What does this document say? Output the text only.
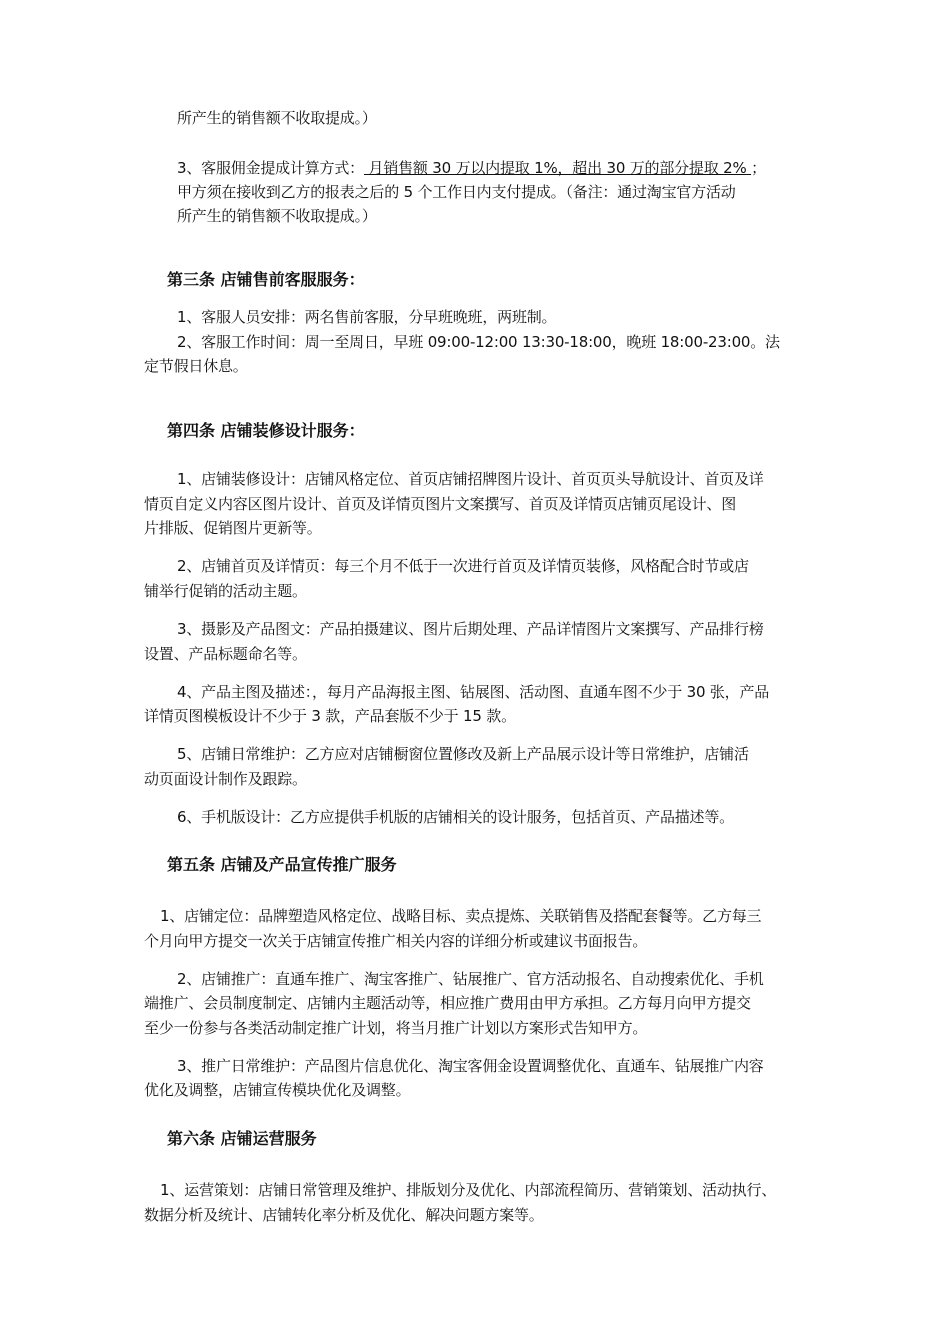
所产生的销售额不收取提成。）
3、客服佣金提成计算方式： 月销售额 30 万以内提取 1%，超出 30 万的部分提取 2% ；
甲方须在接收到乙方的报表之后的 5 个工作日内支付提成。（备注：通过淘宝官方活动
所产生的销售额不收取提成。）
第三条 店铺售前客服服务：
1、客服人员安排：两名售前客服，分早班晚班，两班制。
2、客服工作时间：周一至周日，早班 09:00-12:00 13:30-18:00，晚班 18:00-23:00。法
定节假日休息。
第四条 店铺装修设计服务：
1、店铺装修设计：店铺风格定位、首页店铺招牌图片设计、首页页头导航设计、首页及详
情页自定义内容区图片设计、首页及详情页图片文案撰写、首页及详情页店铺页尾设计、图
片排版、促销图片更新等。
2、店铺首页及详情页：每三个月不低于一次进行首页及详情页装修，风格配合时节或店
铺举行促销的活动主题。
3、摄影及产品图文：产品拍摄建议、图片后期处理、产品详情图片文案撰写、产品排行榜
设置、产品标题命名等。
4、产品主图及描述：，每月产品海报主图、钻展图、活动图、直通车图不少于 30 张，产品
详情页图模板设计不少于 3 款，产品套版不少于 15 款。
5、店铺日常维护：乙方应对店铺橱窗位置修改及新上产品展示设计等日常维护，店铺活
动页面设计制作及跟踪。
6、手机版设计：乙方应提供手机版的店铺相关的设计服务，包括首页、产品描述等。
第五条 店铺及产品宣传推广服务
1、店铺定位：品牌塑造风格定位、战略目标、卖点提炼、关联销售及搭配套餐等。乙方每三
个月向甲方提交一次关于店铺宣传推广相关内容的详细分析或建议书面报告。
2、店铺推广：直通车推广、淘宝客推广、钻展推广、官方活动报名、自动搜索优化、手机
端推广、会员制度制定、店铺内主题活动等，相应推广费用由甲方承担。乙方每月向甲方提交
至少一份参与各类活动制定推广计划，将当月推广计划以方案形式告知甲方。
3、推广日常维护：产品图片信息优化、淘宝客佣金设置调整优化、直通车、钻展推广内容
优化及调整，店铺宣传模块优化及调整。
第六条 店铺运营服务
1、运营策划：店铺日常管理及维护、排版划分及优化、内部流程简历、营销策划、活动执行、
数据分析及统计、店铺转化率分析及优化、解决问题方案等。
